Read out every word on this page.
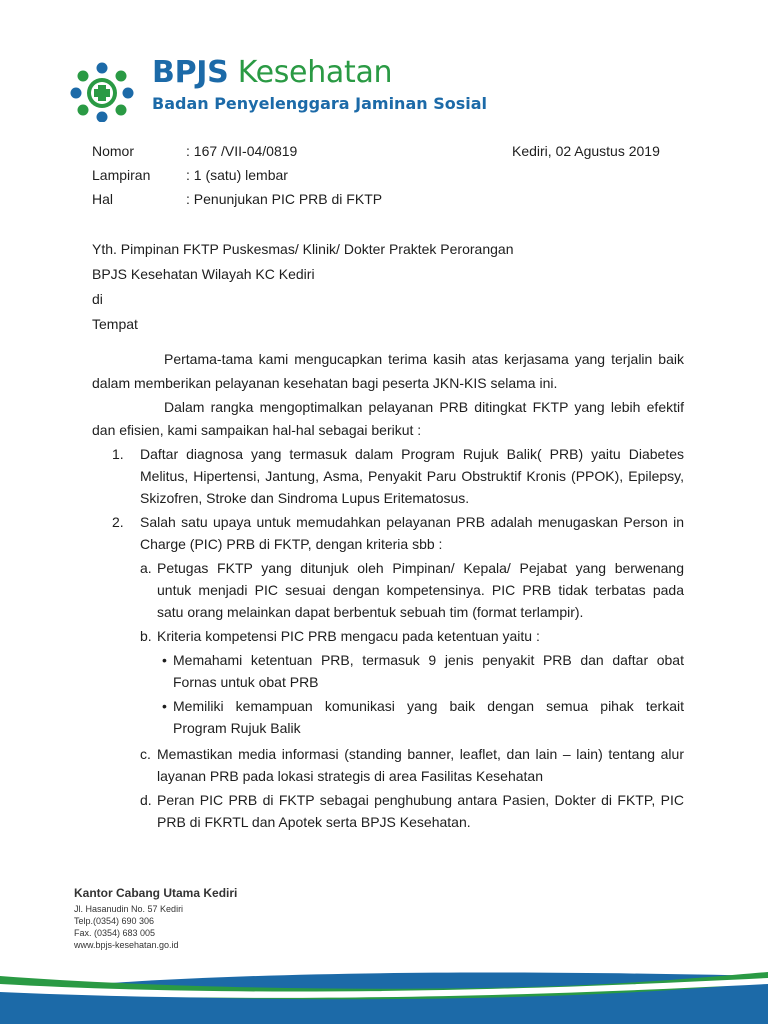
BPJS Kesehatan
Badan Penyelenggara Jaminan Sosial
Nomor	: 167 /VII-04/0819
Lampiran	: 1 (satu) lembar
Hal	: Penunjukan PIC PRB di FKTP
Kediri, 02 Agustus 2019
Yth. Pimpinan FKTP Puskesmas/ Klinik/ Dokter Praktek Perorangan
BPJS Kesehatan Wilayah KC Kediri
di
Tempat
Pertama-tama kami mengucapkan terima kasih atas kerjasama yang terjalin baik
dalam memberikan pelayanan kesehatan bagi peserta JKN-KIS selama ini.
Dalam rangka mengoptimalkan pelayanan PRB ditingkat FKTP yang lebih efektif
dan efisien, kami sampaikan hal-hal sebagai berikut :
1. Daftar diagnosa yang termasuk dalam Program Rujuk Balik( PRB) yaitu Diabetes
Melitus, Hipertensi, Jantung, Asma, Penyakit Paru Obstruktif Kronis (PPOK), Epilepsy,
Skizofren, Stroke dan Sindroma Lupus Eritematosus.
2. Salah satu upaya untuk memudahkan pelayanan PRB adalah menugaskan Person in
Charge (PIC) PRB di FKTP, dengan kriteria sbb :
a. Petugas FKTP yang ditunjuk oleh Pimpinan/ Kepala/ Pejabat yang berwenang
untuk menjadi PIC sesuai dengan kompetensinya. PIC PRB tidak terbatas pada
satu orang melainkan dapat berbentuk sebuah tim (format terlampir).
b. Kriteria kompetensi PIC PRB mengacu pada ketentuan yaitu :
• Memahami ketentuan PRB, termasuk 9 jenis penyakit PRB dan daftar obat
Fornas untuk obat PRB
• Memiliki kemampuan komunikasi yang baik dengan semua pihak terkait
Program Rujuk Balik
c. Memastikan media informasi (standing banner, leaflet, dan lain – lain) tentang alur
layanan PRB pada lokasi strategis di area Fasilitas Kesehatan
d. Peran PIC PRB di FKTP sebagai penghubung antara Pasien, Dokter di FKTP, PIC
PRB di FKRTL dan Apotek serta BPJS Kesehatan.
Kantor Cabang Utama Kediri
Jl. Hasanudin No. 57 Kediri
Telp.(0354) 690 306
Fax. (0354) 683 005
www.bpjs-kesehatan.go.id
